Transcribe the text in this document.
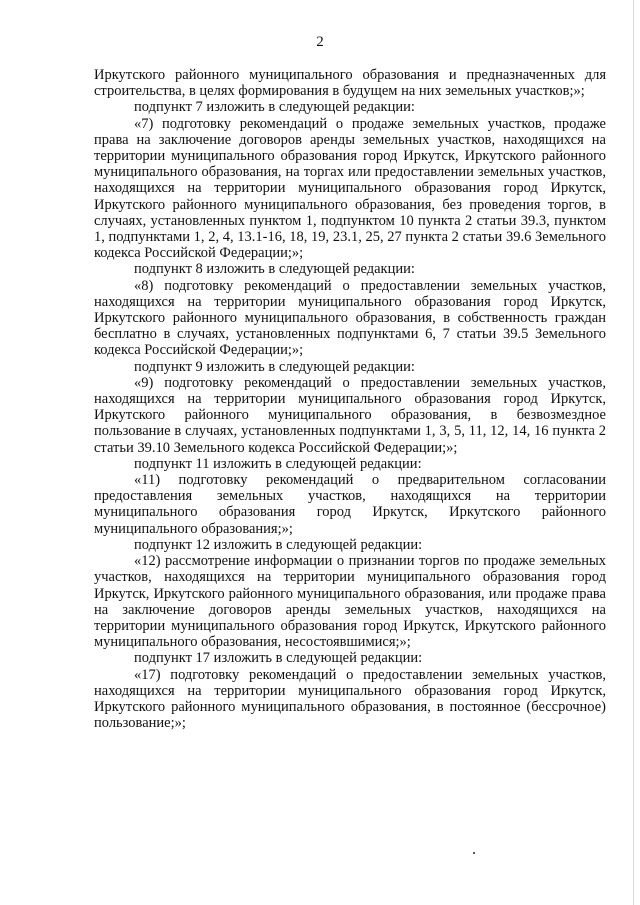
2

Иркутского районного муниципального образования и предназначенных для строительства, в целях формирования в будущем на них земельных участков;»;

подпункт 7 изложить в следующей редакции:

«7) подготовку рекомендаций о продаже земельных участков, продаже права на заключение договоров аренды земельных участков, находящихся на территории муниципального образования город Иркутск, Иркутского районного муниципального образования, на торгах или предоставлении земельных участков, находящихся на территории муниципального образования город Иркутск, Иркутского районного муниципального образования, без проведения торгов, в случаях, установленных пунктом 1, подпунктом 10 пункта 2 статьи 39.3, пунктом 1, подпунктами 1, 2, 4, 13.1-16, 18, 19, 23.1, 25, 27 пункта 2 статьи 39.6 Земельного кодекса Российской Федерации;»;

подпункт 8 изложить в следующей редакции:

«8) подготовку рекомендаций о предоставлении земельных участков, находящихся на территории муниципального образования город Иркутск, Иркутского районного муниципального образования, в собственность граждан бесплатно в случаях, установленных подпунктами 6, 7 статьи 39.5 Земельного кодекса Российской Федерации;»;

подпункт 9 изложить в следующей редакции:

«9) подготовку рекомендаций о предоставлении земельных участков, находящихся на территории муниципального образования город Иркутск, Иркутского районного муниципального образования, в безвозмездное пользование в случаях, установленных подпунктами 1, 3, 5, 11, 12, 14, 16 пункта 2 статьи 39.10 Земельного кодекса Российской Федерации;»;

подпункт 11 изложить в следующей редакции:

«11) подготовку рекомендаций о предварительном согласовании предоставления земельных участков, находящихся на территории муниципального образования город Иркутск, Иркутского районного муниципального образования;»;

подпункт 12 изложить в следующей редакции:

«12) рассмотрение информации о признании торгов по продаже земельных участков, находящихся на территории муниципального образования город Иркутск, Иркутского районного муниципального образования, или продаже права на заключение договоров аренды земельных участков, находящихся на территории муниципального образования город Иркутск, Иркутского районного муниципального образования, несостоявшимися;»;

подпункт 17 изложить в следующей редакции:

«17) подготовку рекомендаций о предоставлении земельных участков, находящихся на территории муниципального образования город Иркутск, Иркутского районного муниципального образования, в постоянное (бессрочное) пользование;»;
